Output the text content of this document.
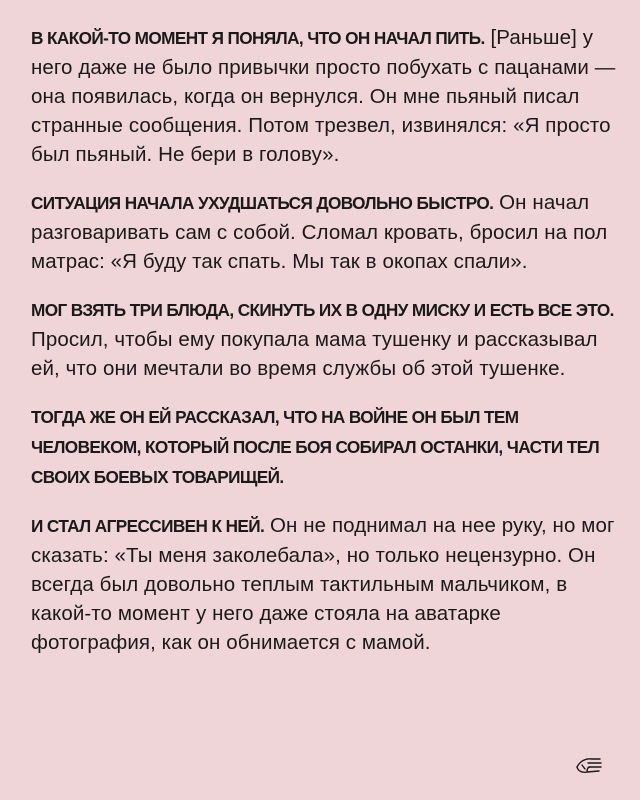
В КАКОЙ-ТО МОМЕНТ Я ПОНЯЛА, ЧТО ОН НАЧАЛ ПИТЬ. [Раньше] у него даже не было привычки просто побухать с пацанами — она появилась, когда он вернулся. Он мне пьяный писал странные сообщения. Потом трезвел, извинялся: «Я просто был пьяный. Не бери в голову».

СИТУАЦИЯ НАЧАЛА УХУДШАТЬСЯ ДОВОЛЬНО БЫСТРО. Он начал разговаривать сам с собой. Сломал кровать, бросил на пол матрас: «Я буду так спать. Мы так в окопах спали».

МОГ ВЗЯТЬ ТРИ БЛЮДА, СКИНУТЬ ИХ В ОДНУ МИСКУ И ЕСТЬ ВСЕ ЭТО. Просил, чтобы ему покупала мама тушенку и рассказывал ей, что они мечтали во время службы об этой тушенке.

ТОГДА ЖЕ ОН ЕЙ РАССКАЗАЛ, ЧТО НА ВОЙНЕ ОН БЫЛ ТЕМ ЧЕЛОВЕКОМ, КОТОРЫЙ ПОСЛЕ БОЯ СОБИРАЛ ОСТАНКИ, ЧАСТИ ТЕЛ СВОИХ БОЕВЫХ ТОВАРИЩЕЙ.

И СТАЛ АГРЕССИВЕН К НЕЙ. Он не поднимал на нее руку, но мог сказать: «Ты меня заколебала», но только нецензурно. Он всегда был довольно теплым тактильным мальчиком, в какой-то момент у него даже стояла на аватарке фотография, как он обнимается с мамой.
